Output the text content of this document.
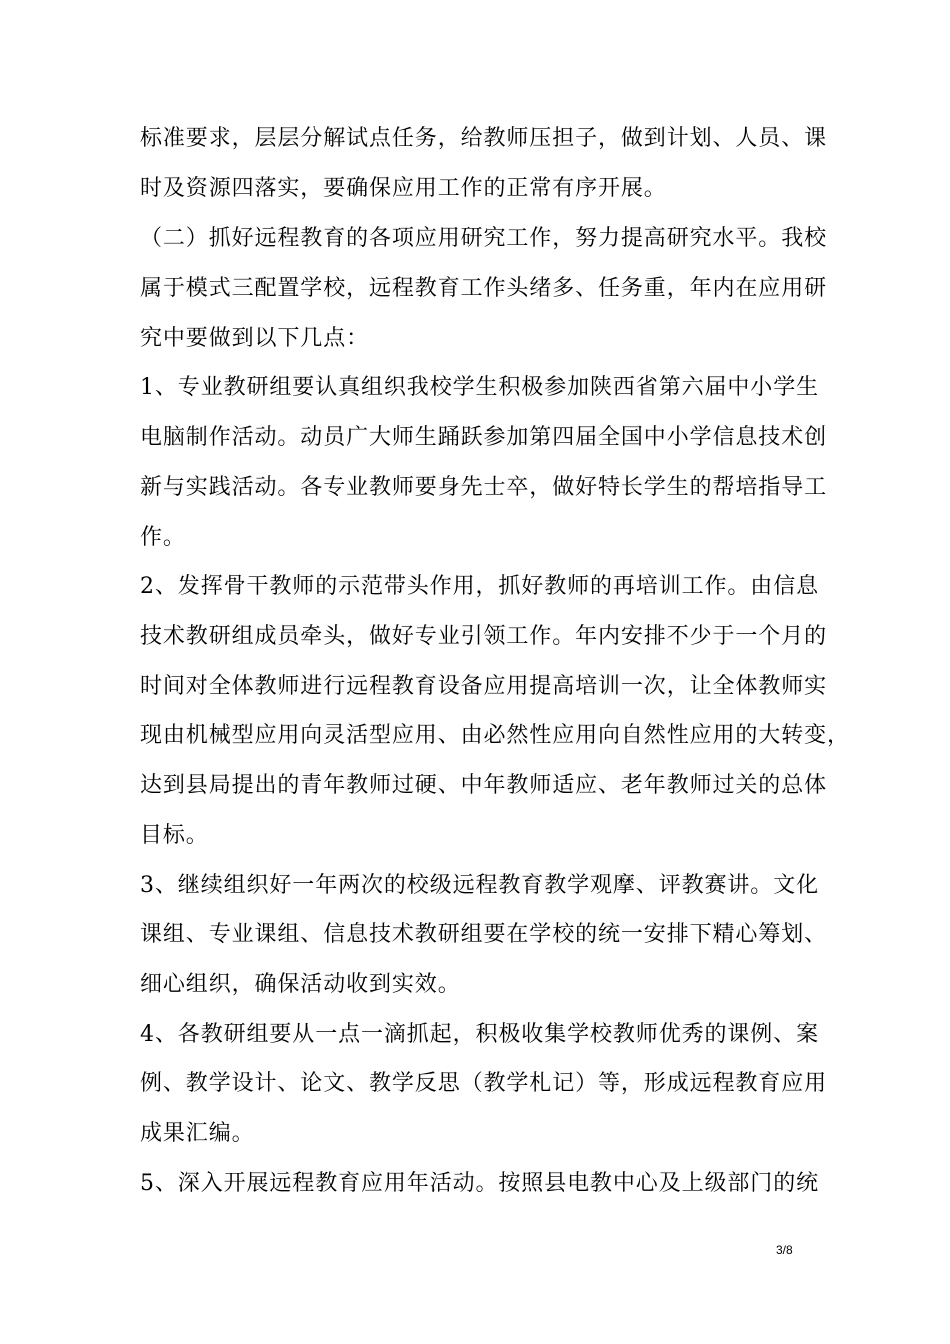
标准要求，层层分解试点任务，给教师压担子，做到计划、人员、课
时及资源四落实，要确保应用工作的正常有序开展。
（二）抓好远程教育的各项应用研究工作，努力提高研究水平。我校
属于模式三配置学校，远程教育工作头绪多、任务重，年内在应用研
究中要做到以下几点：
1、专业教研组要认真组织我校学生积极参加陕西省第六届中小学生
电脑制作活动。动员广大师生踊跃参加第四届全国中小学信息技术创
新与实践活动。各专业教师要身先士卒，做好特长学生的帮培指导工
作。
2、发挥骨干教师的示范带头作用，抓好教师的再培训工作。由信息
技术教研组成员牵头，做好专业引领工作。年内安排不少于一个月的
时间对全体教师进行远程教育设备应用提高培训一次，让全体教师实
现由机械型应用向灵活型应用、由必然性应用向自然性应用的大转变，
达到县局提出的青年教师过硬、中年教师适应、老年教师过关的总体
目标。
3、继续组织好一年两次的校级远程教育教学观摩、评教赛讲。文化
课组、专业课组、信息技术教研组要在学校的统一安排下精心筹划、
细心组织，确保活动收到实效。
4、各教研组要从一点一滴抓起，积极收集学校教师优秀的课例、案
例、教学设计、论文、教学反思（教学札记）等，形成远程教育应用
成果汇编。
5、深入开展远程教育应用年活动。按照县电教中心及上级部门的统
3/8
